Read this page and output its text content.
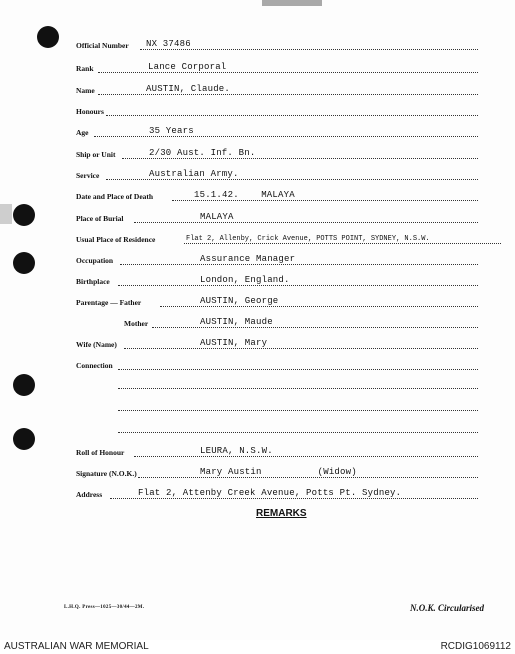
Official Number NX 37486
Rank	Lance Corporal
Name	AUSTIN, Claude.
Honours
Age	35 Years
Ship or Unit	2/30 Aust. Inf. Bn.
Service	Australian Army.
Date and Place of Death	15.1.42.    MALAYA
Place of Burial	MALAYA
Usual Place of Residence	Flat 2, Allenby, Crick Avenue, POTTS POINT, SYDNEY, N.S.W.
Occupation	Assurance Manager
Birthplace	London, England.
Parentage — Father	AUSTIN, George
Mother	AUSTIN, Maude
Wife (Name)	AUSTIN, Mary
Connection
Roll of Honour	LEURA, N.S.W.
Signature (N.O.K.)	Mary Austin          (Widow)
Address	Flat 2, Attenby Creek Avenue, Potts Pt. Sydney.
REMARKS
L.H.Q. Press—1025—30/44—2M.	N.O.K. Circularised
AUSTRALIAN WAR MEMORIAL	RCDIG1069112
